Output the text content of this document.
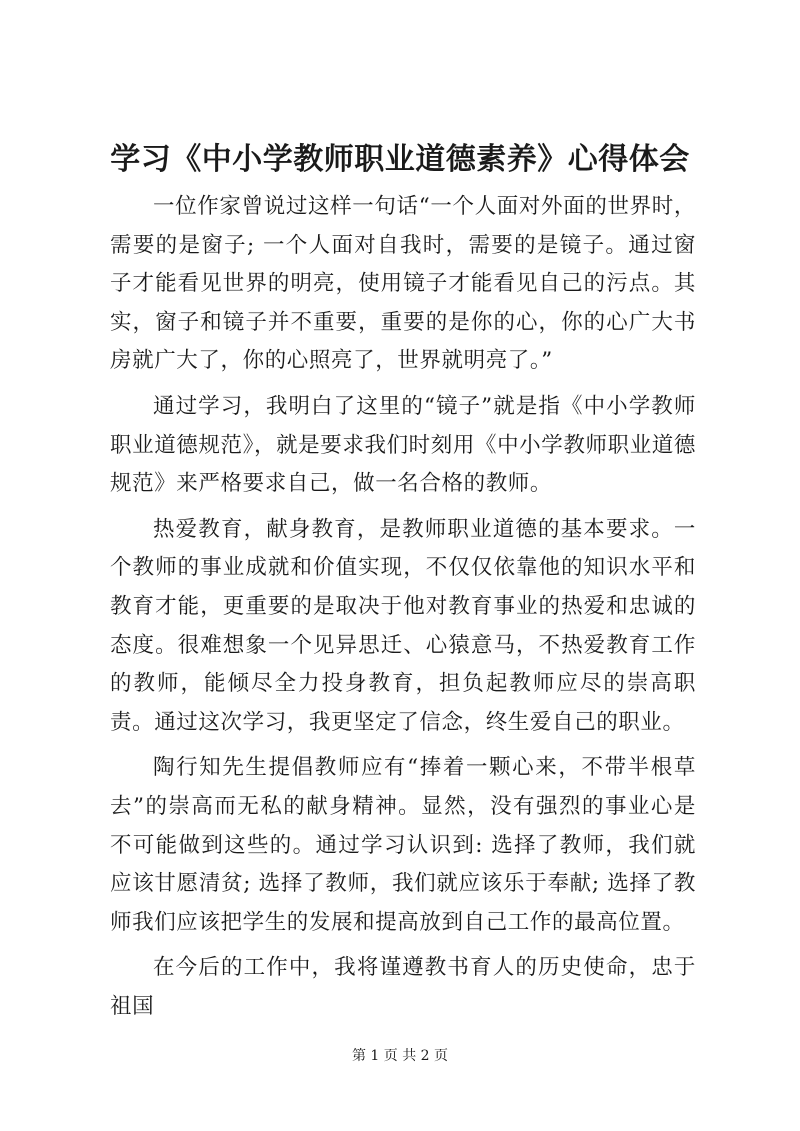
学习《中小学教师职业道德素养》心得体会

一位作家曾说过这样一句话“一个人面对外面的世界时，需要的是窗子; 一个人面对自我时，需要的是镜子。通过窗子才能看见世界的明亮，使用镜子才能看见自己的污点。其实，窗子和镜子并不重要，重要的是你的心，你的心广大书房就广大了，你的心照亮了，世界就明亮了。”

通过学习，我明白了这里的“镜子”就是指《中小学教师职业道德规范》，就是要求我们时刻用《中小学教师职业道德规范》来严格要求自己，做一名合格的教师。

热爱教育，献身教育，是教师职业道德的基本要求。一个教师的事业成就和价值实现，不仅仅依靠他的知识水平和教育才能，更重要的是取决于他对教育事业的热爱和忠诚的态度。很难想象一个见异思迁、心猿意马，不热爱教育工作的教师，能倾尽全力投身教育，担负起教师应尽的崇高职责。通过这次学习，我更坚定了信念，终生爱自己的职业。

陶行知先生提倡教师应有“捧着一颗心来，不带半根草去”的崇高而无私的献身精神。显然，没有强烈的事业心是不可能做到这些的。通过学习认识到: 选择了教师，我们就应该甘愿清贫; 选择了教师，我们就应该乐于奉献; 选择了教师我们应该把学生的发展和提高放到自己工作的最高位置。

在今后的工作中，我将谨遵教书育人的历史使命，忠于祖国

第 1 页 共 2 页
